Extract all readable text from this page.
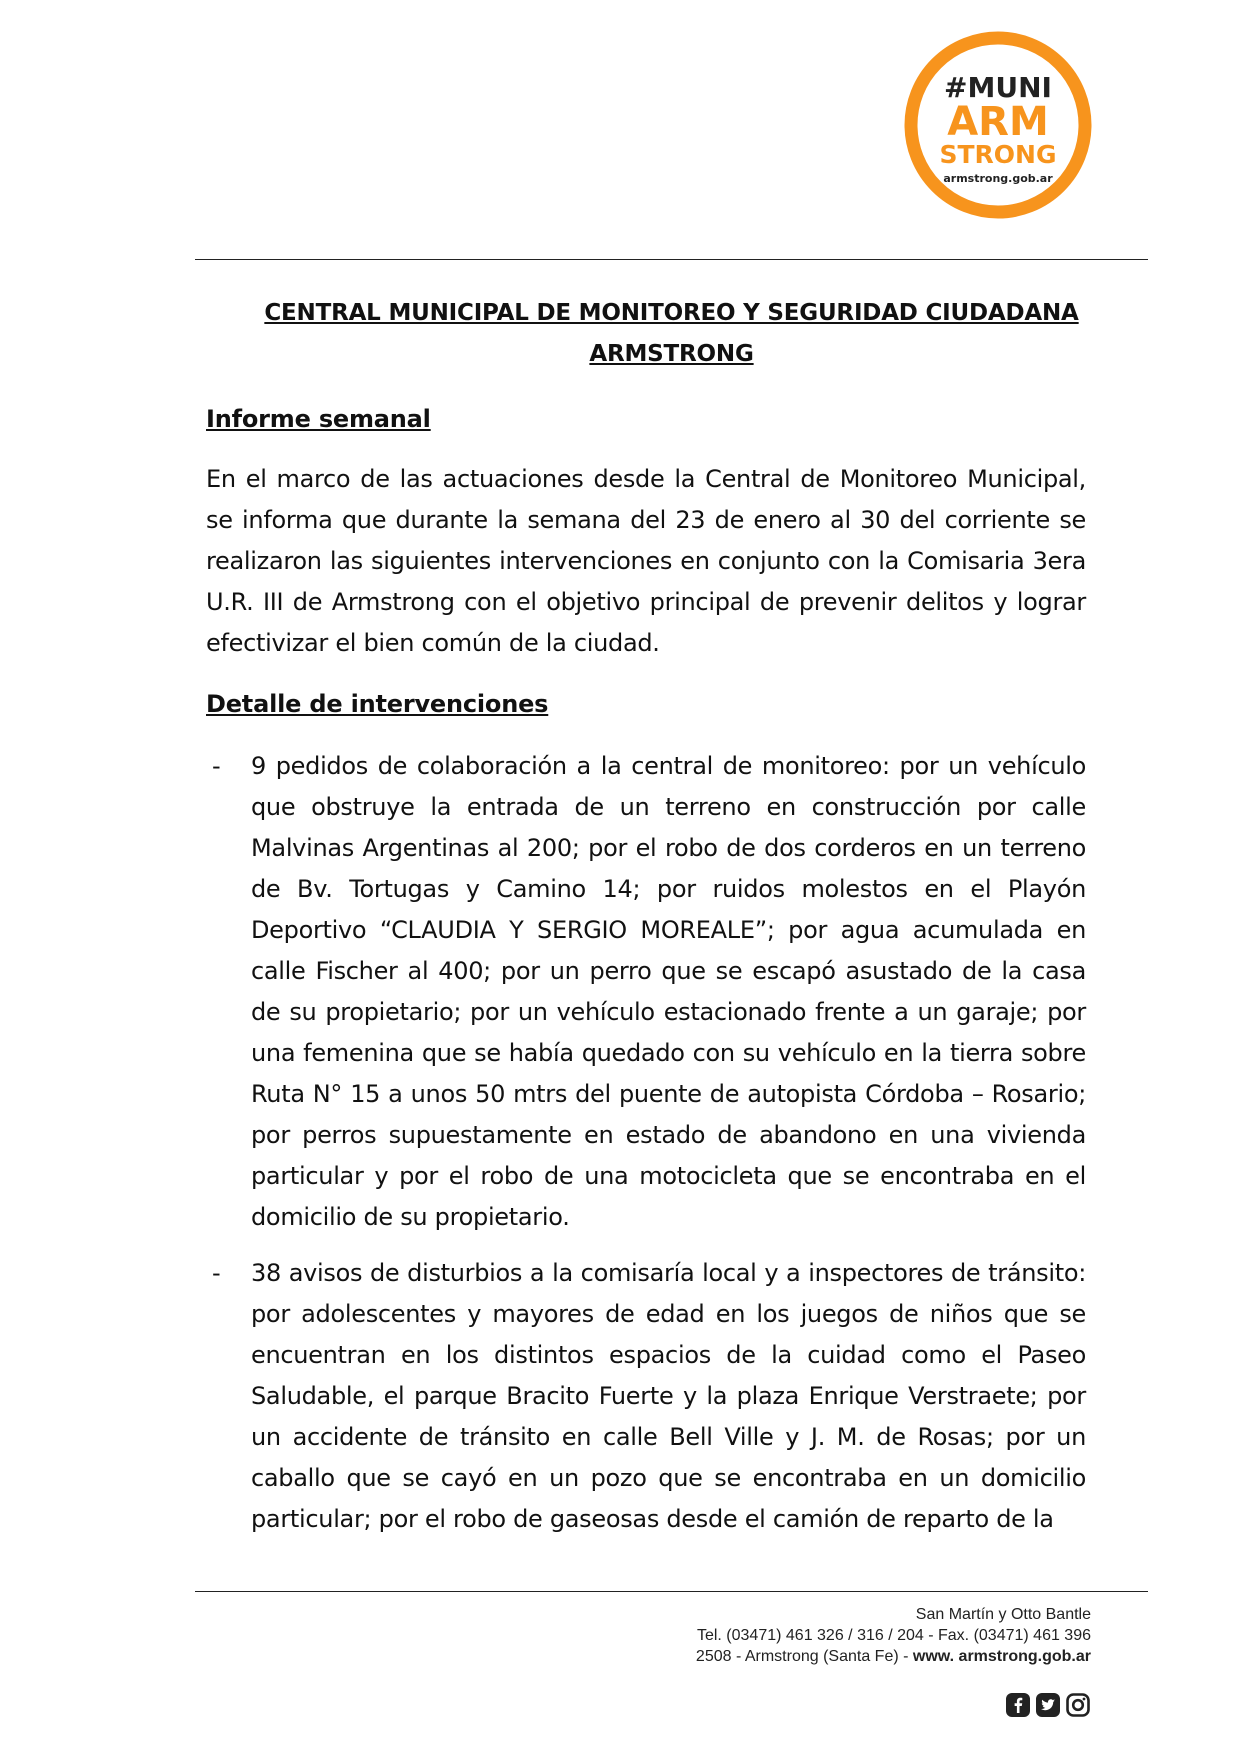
#MUNI
ARM
STRONG
armstrong.gob.ar
CENTRAL MUNICIPAL DE MONITOREO Y SEGURIDAD CIUDADANA
ARMSTRONG
Informe semanal
En el marco de las actuaciones desde la Central de Monitoreo Municipal, se informa que durante la semana del 23 de enero al 30 del corriente se realizaron las siguientes intervenciones en conjunto con la Comisaria 3era U.R. III de Armstrong con el objetivo principal de prevenir delitos y lograr efectivizar el bien común de la ciudad.
Detalle de intervenciones
- 9 pedidos de colaboración a la central de monitoreo: por un vehículo que obstruye la entrada de un terreno en construcción por calle Malvinas Argentinas al 200; por el robo de dos corderos en un terreno de Bv. Tortugas y Camino 14; por ruidos molestos en el Playón Deportivo “CLAUDIA Y SERGIO MOREALE”; por agua acumulada en calle Fischer al 400; por un perro que se escapó asustado de la casa de su propietario; por un vehículo estacionado frente a un garaje; por una femenina que se había quedado con su vehículo en la tierra sobre Ruta N° 15 a unos 50 mtrs del puente de autopista Córdoba – Rosario; por perros supuestamente en estado de abandono en una vivienda particular y por el robo de una motocicleta que se encontraba en el domicilio de su propietario.
- 38 avisos de disturbios a la comisaría local y a inspectores de tránsito: por adolescentes y mayores de edad en los juegos de niños que se encuentran en los distintos espacios de la cuidad como el Paseo Saludable, el parque Bracito Fuerte y la plaza Enrique Verstraete; por un accidente de tránsito en calle Bell Ville y J. M. de Rosas; por un caballo que se cayó en un pozo que se encontraba en un domicilio particular; por el robo de gaseosas desde el camión de reparto de la
San Martín y Otto Bantle
Tel. (03471) 461 326 / 316 / 204 - Fax. (03471) 461 396
2508 - Armstrong (Santa Fe) - www. armstrong.gob.ar
